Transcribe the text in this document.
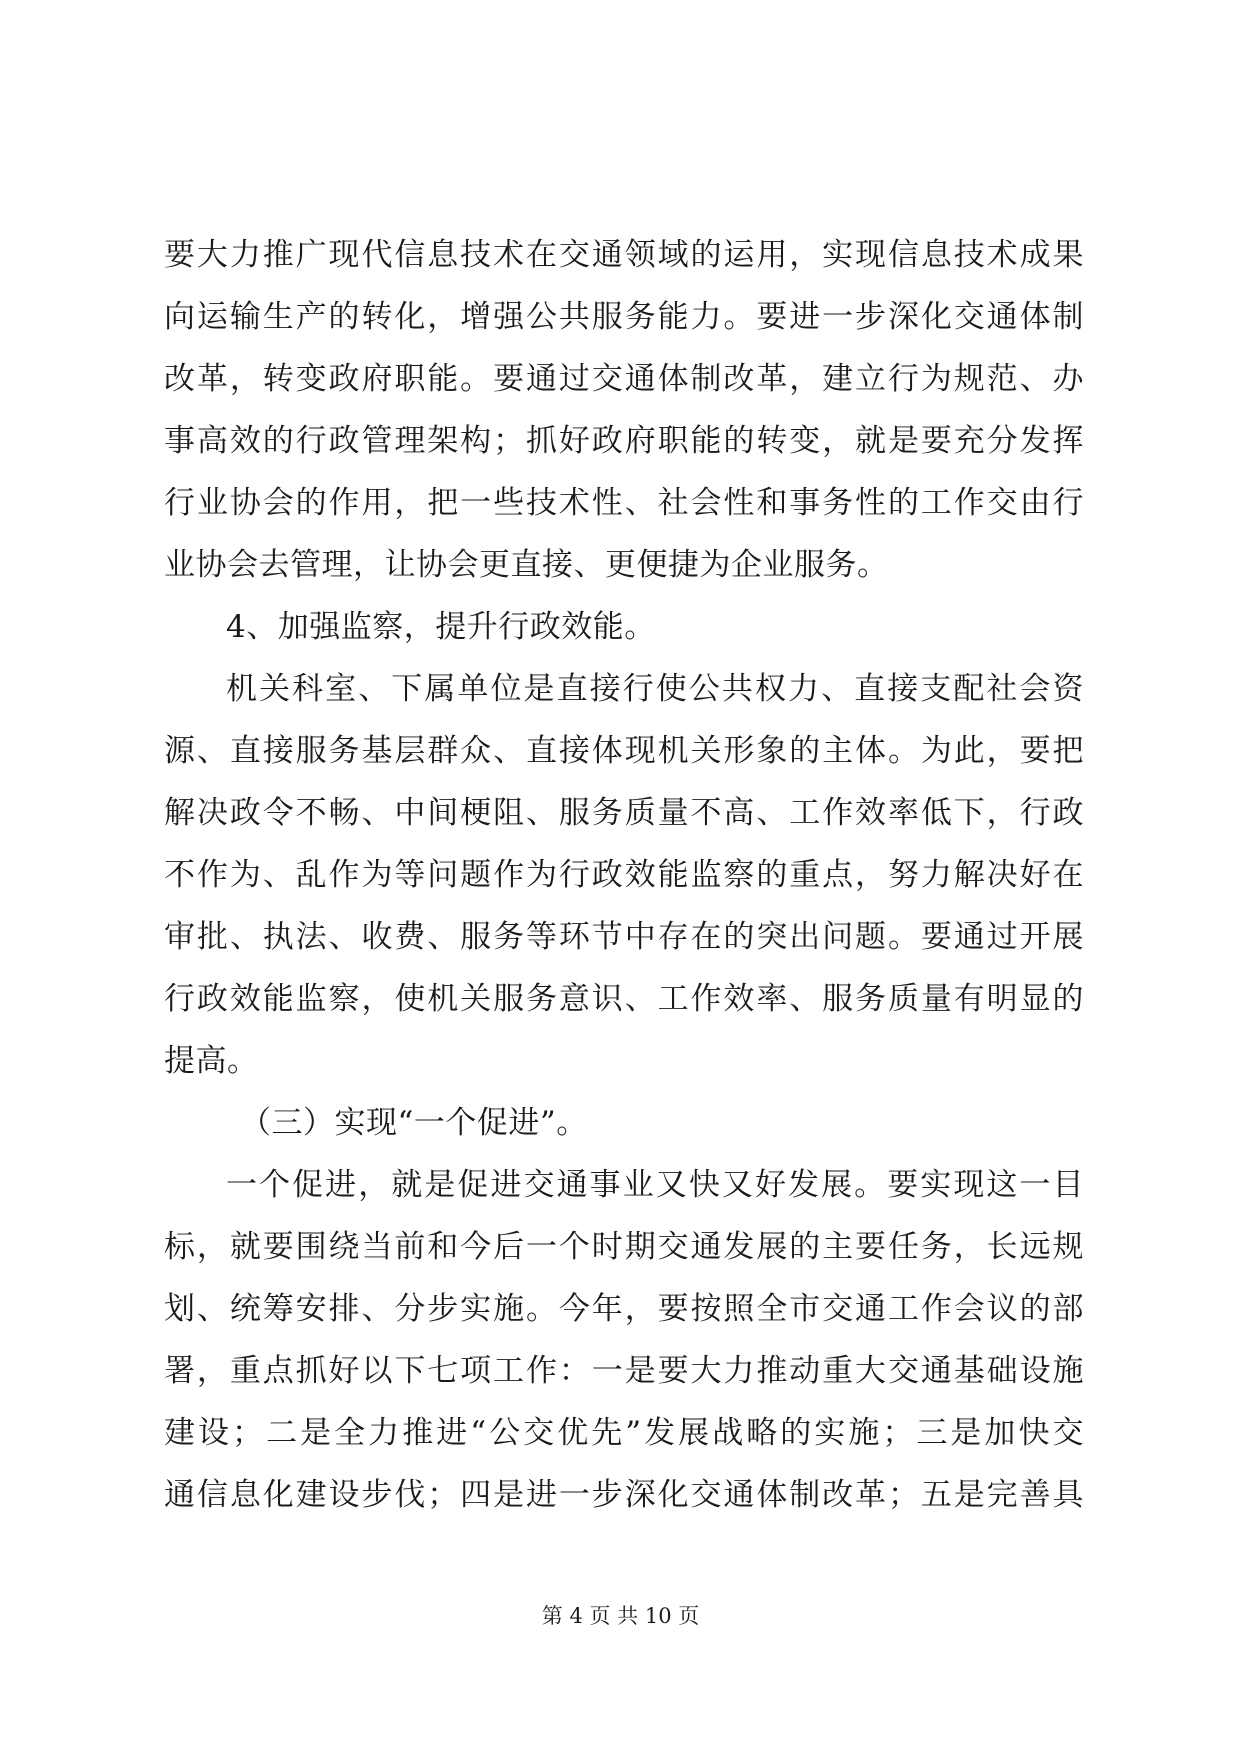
要大力推广现代信息技术在交通领域的运用，实现信息技术成果
向运输生产的转化，增强公共服务能力。要进一步深化交通体制
改革，转变政府职能。要通过交通体制改革，建立行为规范、办
事高效的行政管理架构；抓好政府职能的转变，就是要充分发挥
行业协会的作用，把一些技术性、社会性和事务性的工作交由行
业协会去管理，让协会更直接、更便捷为企业服务。
4、加强监察，提升行政效能。
机关科室、下属单位是直接行使公共权力、直接支配社会资
源、直接服务基层群众、直接体现机关形象的主体。为此，要把
解决政令不畅、中间梗阻、服务质量不高、工作效率低下，行政
不作为、乱作为等问题作为行政效能监察的重点，努力解决好在
审批、执法、收费、服务等环节中存在的突出问题。要通过开展
行政效能监察，使机关服务意识、工作效率、服务质量有明显的
提高。
（三）实现“一个促进”。
一个促进，就是促进交通事业又快又好发展。要实现这一目
标，就要围绕当前和今后一个时期交通发展的主要任务，长远规
划、统筹安排、分步实施。今年，要按照全市交通工作会议的部
署，重点抓好以下七项工作：一是要大力推动重大交通基础设施
建设；二是全力推进“公交优先”发展战略的实施；三是加快交
通信息化建设步伐；四是进一步深化交通体制改革；五是完善具
第 4 页 共 10 页
